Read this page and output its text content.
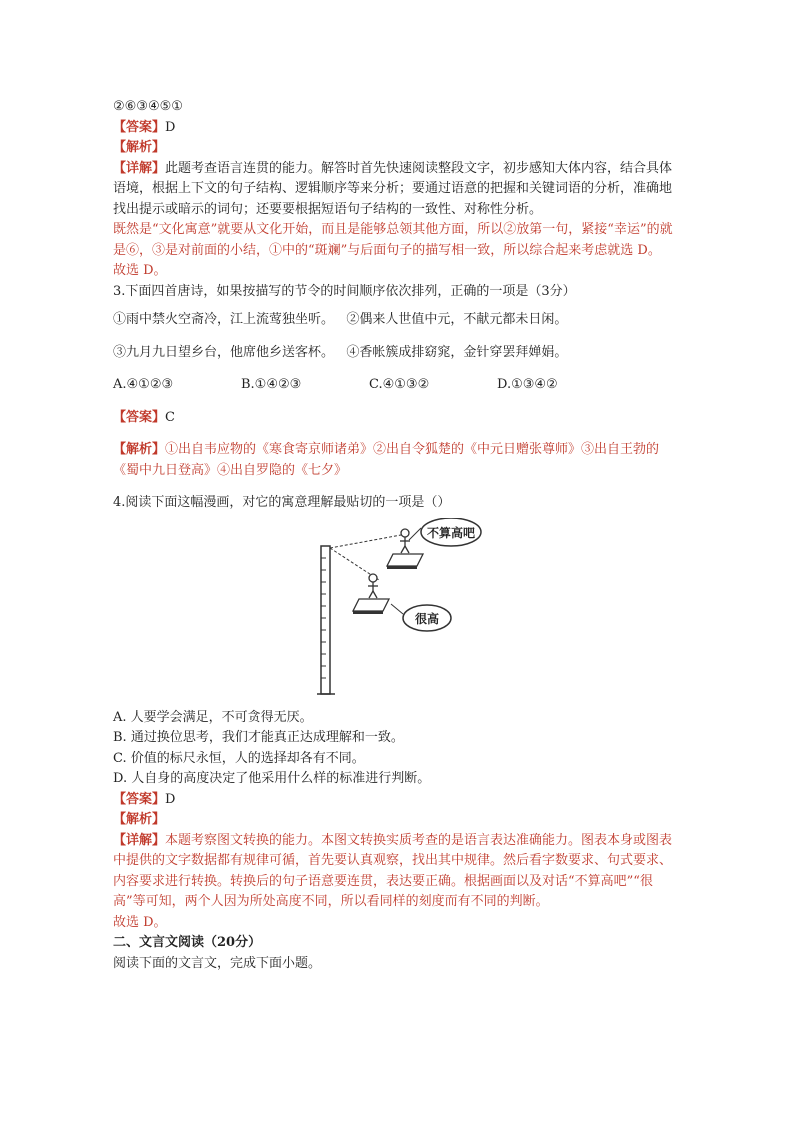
②⑥③④⑤①
【答案】D
【解析】
【详解】此题考查语言连贯的能力。解答时首先快速阅读整段文字，初步感知大体内容，结合具体语境，根据上下文的句子结构、逻辑顺序等来分析；要通过语意的把握和关键词语的分析，准确地找出提示或暗示的词句；还要要根据短语句子结构的一致性、对称性分析。
既然是“文化寓意”就要从文化开始，而且是能够总领其他方面，所以②放第一句，紧接“幸运”的就是⑥，③是对前面的小结，①中的“斑斓”与后面句子的描写相一致，所以综合起来考虑就选 D。
故选 D。
3.下面四首唐诗，如果按描写的节令的时间顺序依次排列，正确的一项是（3分）
①雨中禁火空斋冷，江上流莺独坐听。 ②偶来人世值中元，不献元都未日闲。
③九月九日望乡台，他席他乡送客杯。 ④香帐簇成排窈窕，金针穿罢拜婵娟。
A.④①②③	B.①④②③	C.④①③②	D.①③④②
【答案】C
【解析】①出自韦应物的《寒食寄京师诸弟》②出自令狐楚的《中元日赠张尊师》③出自王勃的《蜀中九日登高》④出自罗隐的《七夕》
4.阅读下面这幅漫画，对它的寓意理解最贴切的一项是（）
不算高吧
很高
A. 人要学会满足，不可贪得无厌。
B. 通过换位思考，我们才能真正达成理解和一致。
C. 价值的标尺永恒，人的选择却各有不同。
D. 人自身的高度决定了他采用什么样的标准进行判断。
【答案】D
【解析】
【详解】本题考察图文转换的能力。本图文转换实质考查的是语言表达准确能力。图表本身或图表中提供的文字数据都有规律可循，首先要认真观察，找出其中规律。然后看字数要求、句式要求、内容要求进行转换。转换后的句子语意要连贯，表达要正确。根据画面以及对话“不算高吧”“很高”等可知，两个人因为所处高度不同，所以看同样的刻度而有不同的判断。
故选 D。
二、文言文阅读（20分）
阅读下面的文言文，完成下面小题。
